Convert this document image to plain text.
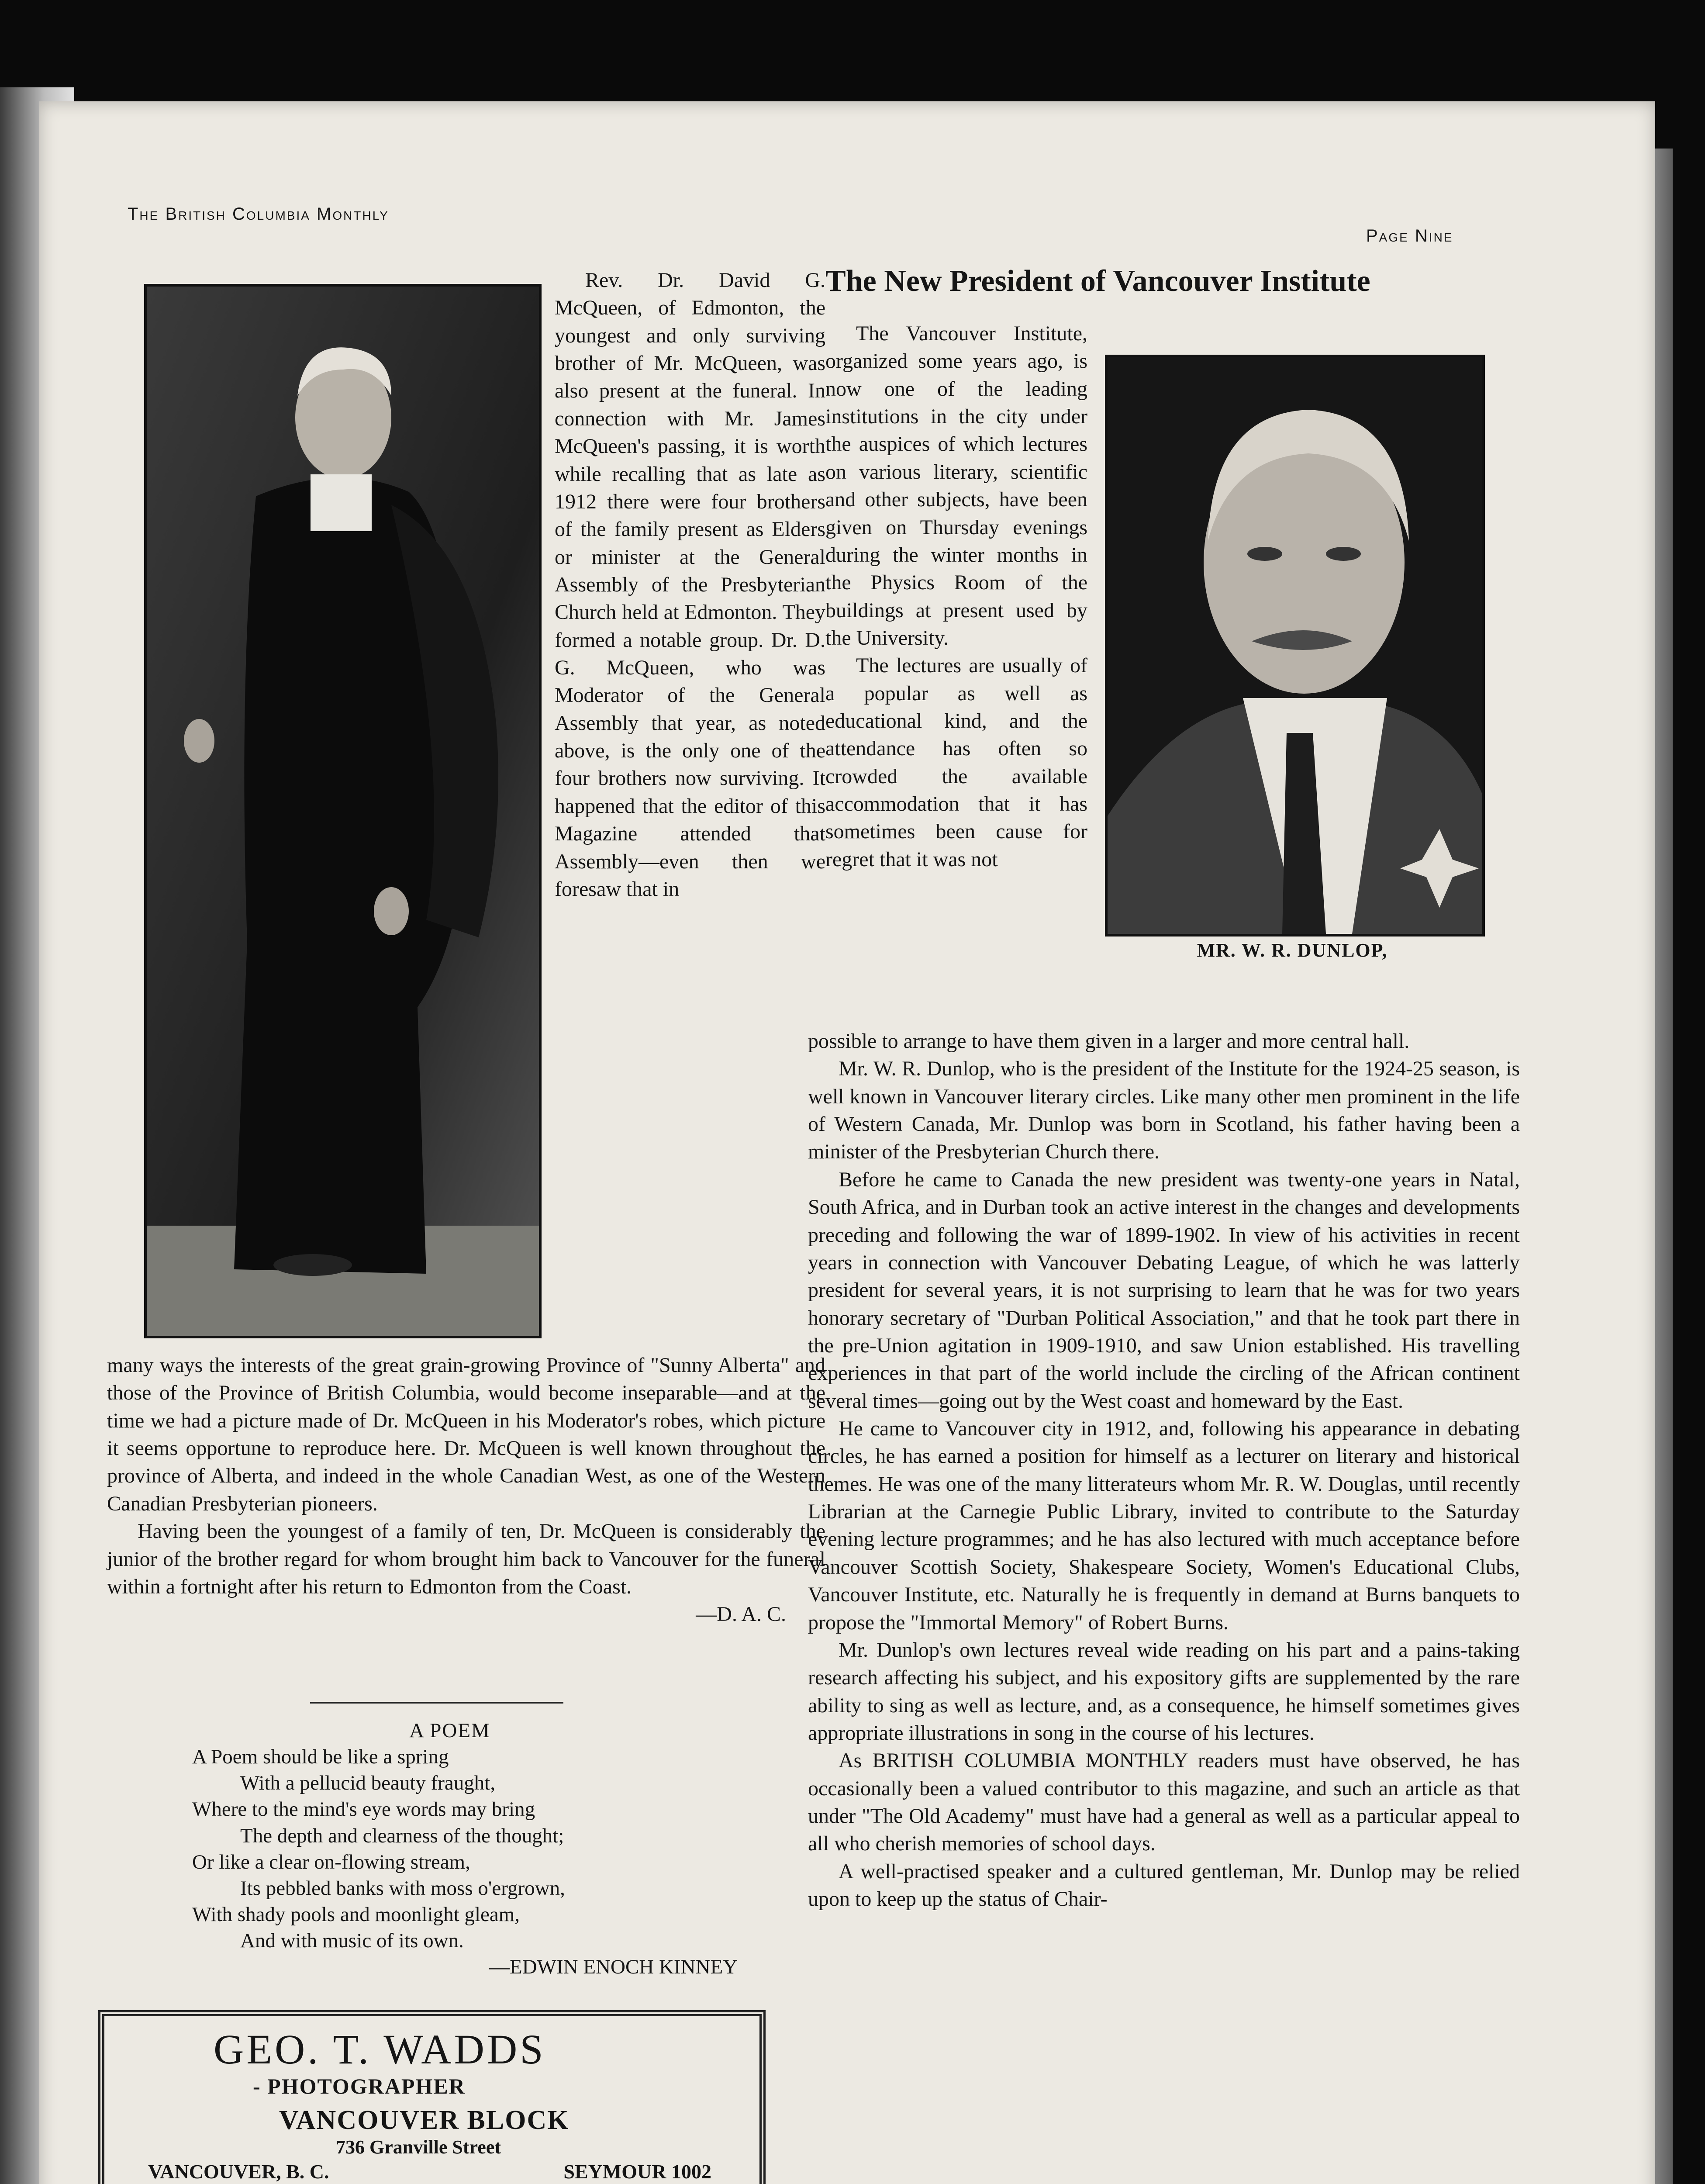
The British Columbia Monthly
Page Nine

Rev. Dr. David G. McQueen, of Edmonton, the youngest and only surviving brother of Mr. McQueen, was also present at the funeral. In connection with Mr. James McQueen's passing, it is worth while recalling that as late as 1912 there were four brothers of the family present as Elders or minister at the General Assembly of the Presbyterian Church held at Edmonton. They formed a notable group. Dr. D. G. McQueen, who was Moderator of the General Assembly that year, as noted above, is the only one of the four brothers now surviving. It happened that the editor of this Magazine attended that Assembly—even then we foresaw that in

many ways the interests of the great grain-growing Province of "Sunny Alberta" and those of the Province of British Columbia, would become inseparable—and at the time we had a picture made of Dr. McQueen in his Moderator's robes, which picture it seems opportune to reproduce here. Dr. McQueen is well known throughout the province of Alberta, and indeed in the whole Canadian West, as one of the Western Canadian Presbyterian pioneers.

Having been the youngest of a family of ten, Dr. McQueen is considerably the junior of the brother regard for whom brought him back to Vancouver for the funeral within a fortnight after his return to Edmonton from the Coast.

—D. A. C.
A POEM
A Poem should be like a spring
With a pellucid beauty fraught,
Where to the mind's eye words may bring
The depth and clearness of the thought;
Or like a clear on-flowing stream,
Its pebbled banks with moss o'ergrown,
With shady pools and moonlight gleam,
And with music of its own.
—EDWIN ENOCH KINNEY
GEO. T. WADDS
- PHOTOGRAPHER
VANCOUVER BLOCK
736 Granville Street
VANCOUVER, B. C.	SEYMOUR 1002
The New President of Vancouver Institute
MR. W. R. DUNLOP,

The Vancouver Institute, organized some years ago, is now one of the leading institutions in the city under the auspices of which lectures on various literary, scientific and other subjects, have been given on Thursday evenings during the winter months in the Physics Room of the buildings at present used by the University.

The lectures are usually of a popular as well as educational kind, and the attendance has often so crowded the available accommodation that it has sometimes been cause for regret that it was not

possible to arrange to have them given in a larger and more central hall.

Mr. W. R. Dunlop, who is the president of the Institute for the 1924-25 season, is well known in Vancouver literary circles. Like many other men prominent in the life of Western Canada, Mr. Dunlop was born in Scotland, his father having been a minister of the Presbyterian Church there.

Before he came to Canada the new president was twenty-one years in Natal, South Africa, and in Durban took an active interest in the changes and developments preceding and following the war of 1899-1902. In view of his activities in recent years in connection with Vancouver Debating League, of which he was latterly president for several years, it is not surprising to learn that he was for two years honorary secretary of "Durban Political Association," and that he took part there in the pre-Union agitation in 1909-1910, and saw Union established. His travelling experiences in that part of the world include the circling of the African continent several times—going out by the West coast and homeward by the East.

He came to Vancouver city in 1912, and, following his appearance in debating circles, he has earned a position for himself as a lecturer on literary and historical themes. He was one of the many litterateurs whom Mr. R. W. Douglas, until recently Librarian at the Carnegie Public Library, invited to contribute to the Saturday evening lecture programmes; and he has also lectured with much acceptance before Vancouver Scottish Society, Shakespeare Society, Women's Educational Clubs, Vancouver Institute, etc. Naturally he is frequently in demand at Burns banquets to propose the "Immortal Memory" of Robert Burns.

Mr. Dunlop's own lectures reveal wide reading on his part and a pains-taking research affecting his subject, and his expository gifts are supplemented by the rare ability to sing as well as lecture, and, as a consequence, he himself sometimes gives appropriate illustrations in song in the course of his lectures.

As BRITISH COLUMBIA MONTHLY readers must have observed, he has occasionally been a valued contributor to this magazine, and such an article as that under "The Old Academy" must have had a general as well as a particular appeal to all who cherish memories of school days.

A well-practised speaker and a cultured gentleman, Mr. Dunlop may be relied upon to keep up the status of Chair-
